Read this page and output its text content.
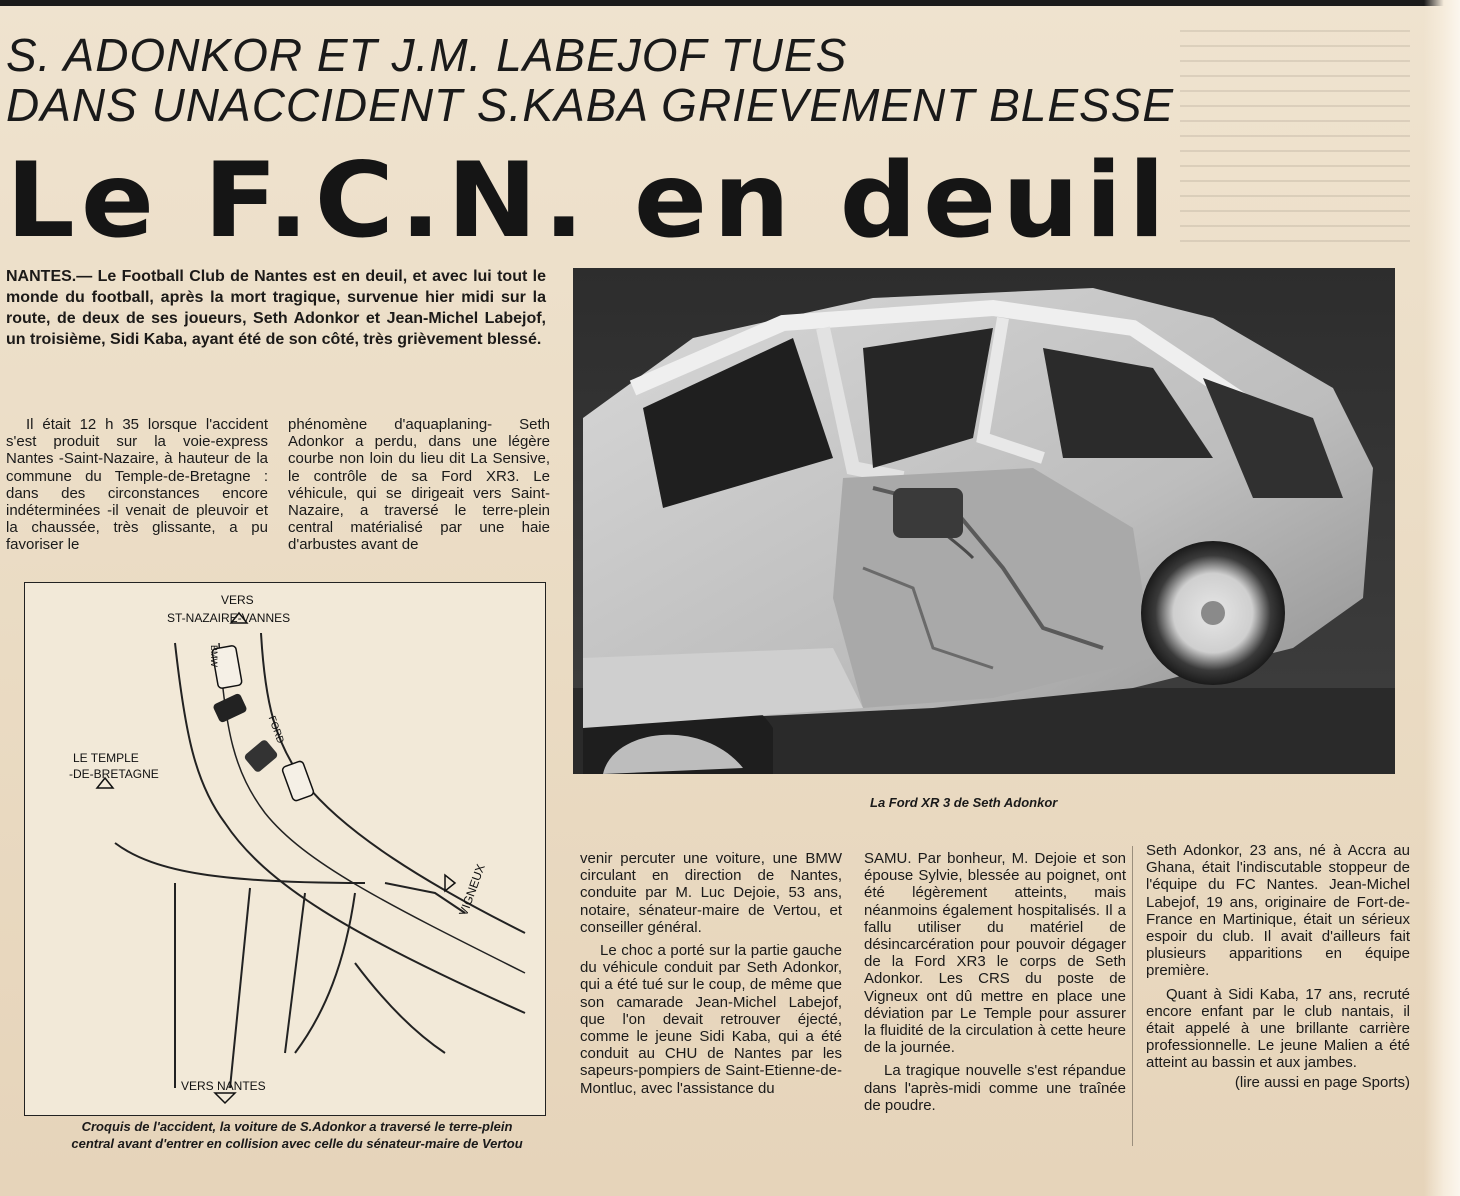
S. ADONKOR ET J.M. LABEJOF TUES
DANS UNACCIDENT S.KABA GRIEVEMENT BLESSE
Le F.C.N. en deuil
NANTES.— Le Football Club de Nantes est en deuil, et avec lui tout le monde du football, après la mort tragique, survenue hier midi sur la route, de deux de ses joueurs, Seth Adonkor et Jean-Michel Labejof, un troisième, Sidi Kaba, ayant été de son côté, très grièvement blessé.

Il était 12 h 35 lorsque l'accident s'est produit sur la voie-express Nantes -Saint-Nazaire, à hauteur de la commune du Temple-de-Bretagne : dans des circonstances encore indéterminées -il venait de pleuvoir et la chaussée, très glissante, a pu favoriser le

phénomène d'aquaplaning- Seth Adonkor a perdu, dans une légère courbe non loin du lieu dit La Sensive, le contrôle de sa Ford XR3. Le véhicule, qui se dirigeait vers Saint-Nazaire, a traversé le terre-plein central matérialisé par une haie d'arbustes avant de

La Ford XR 3 de Seth Adonkor
VERS
ST-NAZAIRE-VANNES
BMW
FORD
LE TEMPLE
-DE-BRETAGNE
VIGNEUX
VERS NANTES
Croquis de l'accident, la voiture de S.Adonkor a traversé le terre-plein central avant d'entrer en collision avec celle du sénateur-maire de Vertou

venir percuter une voiture, une BMW circulant en direction de Nantes, conduite par M. Luc Dejoie, 53 ans, notaire, sénateur-maire de Vertou, et conseiller général.

Le choc a porté sur la partie gauche du véhicule conduit par Seth Adonkor, qui a été tué sur le coup, de même que son camarade Jean-Michel Labejof, que l'on devait retrouver éjecté, comme le jeune Sidi Kaba, qui a été conduit au CHU de Nantes par les sapeurs-pompiers de Saint-Etienne-de-Montluc, avec l'assistance du

SAMU. Par bonheur, M. Dejoie et son épouse Sylvie, blessée au poignet, ont été légèrement atteints, mais néanmoins également hospitalisés. Il a fallu utiliser du matériel de désincarcération pour pouvoir dégager de la Ford XR3 le corps de Seth Adonkor. Les CRS du poste de Vigneux ont dû mettre en place une déviation par Le Temple pour assurer la fluidité de la circulation à cette heure de la journée.

La tragique nouvelle s'est répandue dans l'après-midi comme une traînée de poudre.

Seth Adonkor, 23 ans, né à Accra au Ghana, était l'indiscutable stoppeur de l'équipe du FC Nantes. Jean-Michel Labejof, 19 ans, originaire de Fort-de-France en Martinique, était un sérieux espoir du club. Il avait d'ailleurs fait plusieurs apparitions en équipe première.

Quant à Sidi Kaba, 17 ans, recruté encore enfant par le club nantais, il était appelé à une brillante carrière professionnelle. Le jeune Malien a été atteint au bassin et aux jambes.

(lire aussi en page Sports)
